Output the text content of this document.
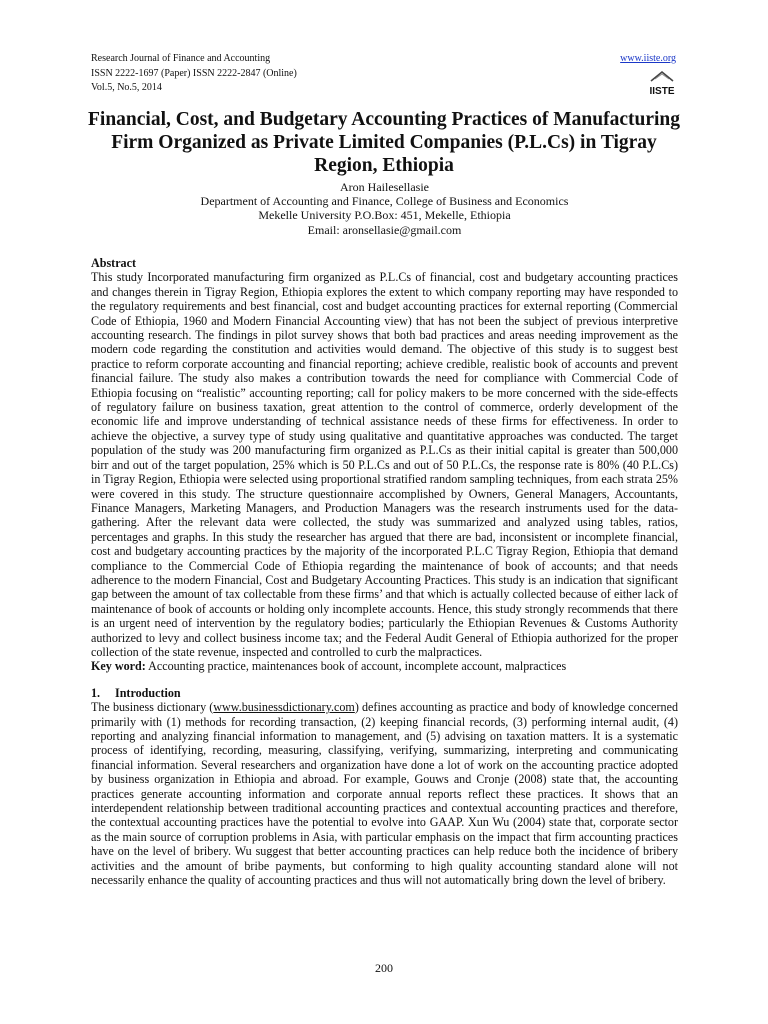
Research Journal of Finance and Accounting
ISSN 2222-1697 (Paper) ISSN 2222-2847 (Online)
Vol.5, No.5, 2014
www.iiste.org
IISTE
Financial, Cost, and Budgetary Accounting Practices of Manufacturing Firm Organized as Private Limited Companies (P.L.Cs) in Tigray Region, Ethiopia
Aron Hailesellasie
Department of Accounting and Finance, College of Business and Economics
Mekelle University P.O.Box: 451, Mekelle, Ethiopia
Email: aronsellasie@gmail.com

Abstract

This study Incorporated manufacturing firm organized as P.L.Cs of financial, cost and budgetary accounting practices and changes therein in Tigray Region, Ethiopia explores the extent to which company reporting may have responded to the regulatory requirements and best financial, cost and budget accounting practices for external reporting (Commercial Code of Ethiopia, 1960 and Modern Financial Accounting view) that has not been the subject of previous interpretive accounting research. The findings in pilot survey shows that both bad practices and areas needing improvement as the modern code regarding the constitution and activities would demand. The objective of this study is to suggest best practice to reform corporate accounting and financial reporting; achieve credible, realistic book of accounts and prevent financial failure. The study also makes a contribution towards the need for compliance with Commercial Code of Ethiopia focusing on “realistic” accounting reporting; call for policy makers to be more concerned with the side-effects of regulatory failure on business taxation, great attention to the control of commerce, orderly development of the economic life and improve understanding of technical assistance needs of these firms for effectiveness. In order to achieve the objective, a survey type of study using qualitative and quantitative approaches was conducted. The target population of the study was 200 manufacturing firm organized as P.L.Cs as their initial capital is greater than 500,000 birr and out of the target population, 25% which is 50 P.L.Cs and out of 50 P.L.Cs, the response rate is 80% (40 P.L.Cs) in Tigray Region, Ethiopia were selected using proportional stratified random sampling techniques, from each strata 25% were covered in this study. The structure questionnaire accomplished by Owners, General Managers, Accountants, Finance Managers, Marketing Managers, and Production Managers was the research instruments used for the data-gathering. After the relevant data were collected, the study was summarized and analyzed using tables, ratios, percentages and graphs. In this study the researcher has argued that there are bad, inconsistent or incomplete financial, cost and budgetary accounting practices by the majority of the incorporated P.L.C Tigray Region, Ethiopia that demand compliance to the Commercial Code of Ethiopia regarding the maintenance of book of accounts; and that needs adherence to the modern Financial, Cost and Budgetary Accounting Practices. This study is an indication that significant gap between the amount of tax collectable from these firms’ and that which is actually collected because of either lack of maintenance of book of accounts or holding only incomplete accounts. Hence, this study strongly recommends that there is an urgent need of intervention by the regulatory bodies; particularly the Ethiopian Revenues & Customs Authority authorized to levy and collect business income tax; and the Federal Audit General of Ethiopia authorized for the proper collection of the state revenue, inspected and controlled to curb the malpractices.

Key word: Accounting practice, maintenances book of account, incomplete account, malpractices

1. Introduction

The business dictionary (www.businessdictionary.com) defines accounting as practice and body of knowledge concerned primarily with (1) methods for recording transaction, (2) keeping financial records, (3) performing internal audit, (4) reporting and analyzing financial information to management, and (5) advising on taxation matters. It is a systematic process of identifying, recording, measuring, classifying, verifying, summarizing, interpreting and communicating financial information. Several researchers and organization have done a lot of work on the accounting practice adopted by business organization in Ethiopia and abroad. For example, Gouws and Cronje (2008) state that, the accounting practices generate accounting information and corporate annual reports reflect these practices. It shows that an interdependent relationship between traditional accounting practices and contextual accounting practices and therefore, the contextual accounting practices have the potential to evolve into GAAP. Xun Wu (2004) state that, corporate sector as the main source of corruption problems in Asia, with particular emphasis on the impact that firm accounting practices have on the level of bribery. Wu suggest that better accounting practices can help reduce both the incidence of bribery activities and the amount of bribe payments, but conforming to high quality accounting standard alone will not necessarily enhance the quality of accounting practices and thus will not automatically bring down the level of bribery.

200
